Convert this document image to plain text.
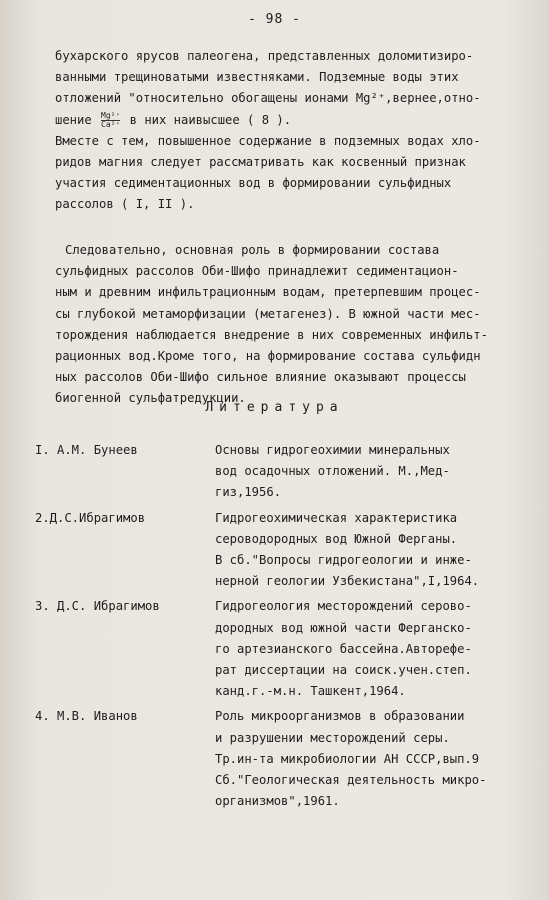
- 98 -
бухарского ярусов палеогена, представленных доломитизиро-
ванными трещиноватыми известняками. Подземные воды этих
отложений "относительно обогащены ионами Mg²⁺,вернее,отно-
шение $\frac{\text{Mg²⁺}}{\text{Ca²⁺}}$ в них наивысшее ( 8 ).
Вместе с тем, повышенное содержание в подземных водах хло-
ридов магния следует рассматривать как косвенный признак
участия седиментационных вод в формировании сульфидных
рассолов ( I, II ).
Следовательно, основная роль в формировании состава
сульфидных рассолов Оби-Шифо принадлежит седиментацион-
ным и древним инфильтрационным водам, претерпевшим процес-
сы глубокой метаморфизации (метагенез). В южной части мес-
торождения наблюдается внедрение в них современных инфильт-
рационных вод.Кроме того, на формирование состава сульфидн
ных рассолов Оби-Шифо сильное влияние оказывают процессы
биогенной сульфатредукции.
Литература
I. А.М. Бунеев	Основы гидрогеохимии минеральных
вод осадочных отложений. М.,Мед-
гиз,1956.
2.Д.С.Ибрагимов	Гидрогеохимическая характеристика
сероводородных вод Южной Ферганы.
В сб."Вопросы гидрогеологии и инже-
нерной геологии Узбекистана",I,1964.
3. Д.С. Ибрагимов	Гидрогеология месторождений серово-
дородных вод южной части Ферганско-
го артезианского бассейна.Авторефе-
рат диссертации на соиск.учен.степ.
канд.г.-м.н. Ташкент,1964.
4. М.В. Иванов	Роль микроорганизмов в образовании
и разрушении месторождений серы.
Тр.ин-та микробиологии АН СССР,вып.9
Сб."Геологическая деятельность микро-
организмов",1961.
